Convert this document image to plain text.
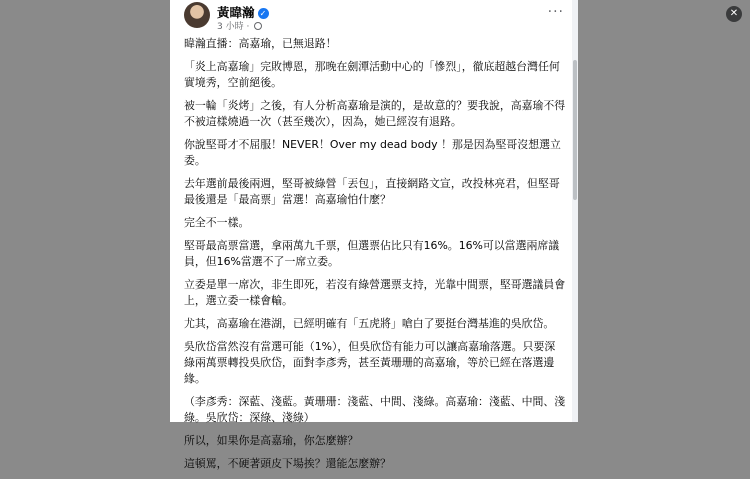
黃暐瀚 ✓
3 小時 ·
···

暐瀚直播：高嘉瑜，已無退路！

「炎上高嘉瑜」完敗博恩，那晚在劍潭活動中心的「慘烈」，徹底超越台灣任何實境秀，空前絕後。

被一輪「炎烤」之後，有人分析高嘉瑜是演的，是故意的？要我說，高嘉瑜不得不被這樣燒過一次（甚至幾次），因為，她已經沒有退路。

你說堅哥才不屈服！NEVER！Over my dead body ！那是因為堅哥沒想選立委。

去年選前最後兩週，堅哥被綠營「丟包」，直接網路文宣，改投林亮君，但堅哥最後還是「最高票」當選！高嘉瑜怕什麼？

完全不一樣。

堅哥最高票當選，拿兩萬九千票，但選票佔比只有16%。16%可以當選兩席議員，但16%當選不了一席立委。

立委是單一席次，非生即死，若沒有綠營選票支持，光靠中間票，堅哥選議員會上，選立委一樣會輸。

尤其，高嘉瑜在港湖，已經明確有「五虎將」嗆白了要挺台灣基進的吳欣岱。

吳欣岱當然沒有當選可能（1%），但吳欣岱有能力可以讓高嘉瑜落選。只要深綠兩萬票轉投吳欣岱，面對李彥秀，甚至黃珊珊的高嘉瑜，等於已經在落選邊緣。

（李彥秀：深藍、淺藍。黃珊珊：淺藍、中間、淺綠。高嘉瑜：淺藍、中間、淺綠。吳欣岱：深綠、淺綠）

所以，如果你是高嘉瑜，你怎麼辦？

這頓罵，不硬著頭皮下場挨？還能怎麼辦？

✕
